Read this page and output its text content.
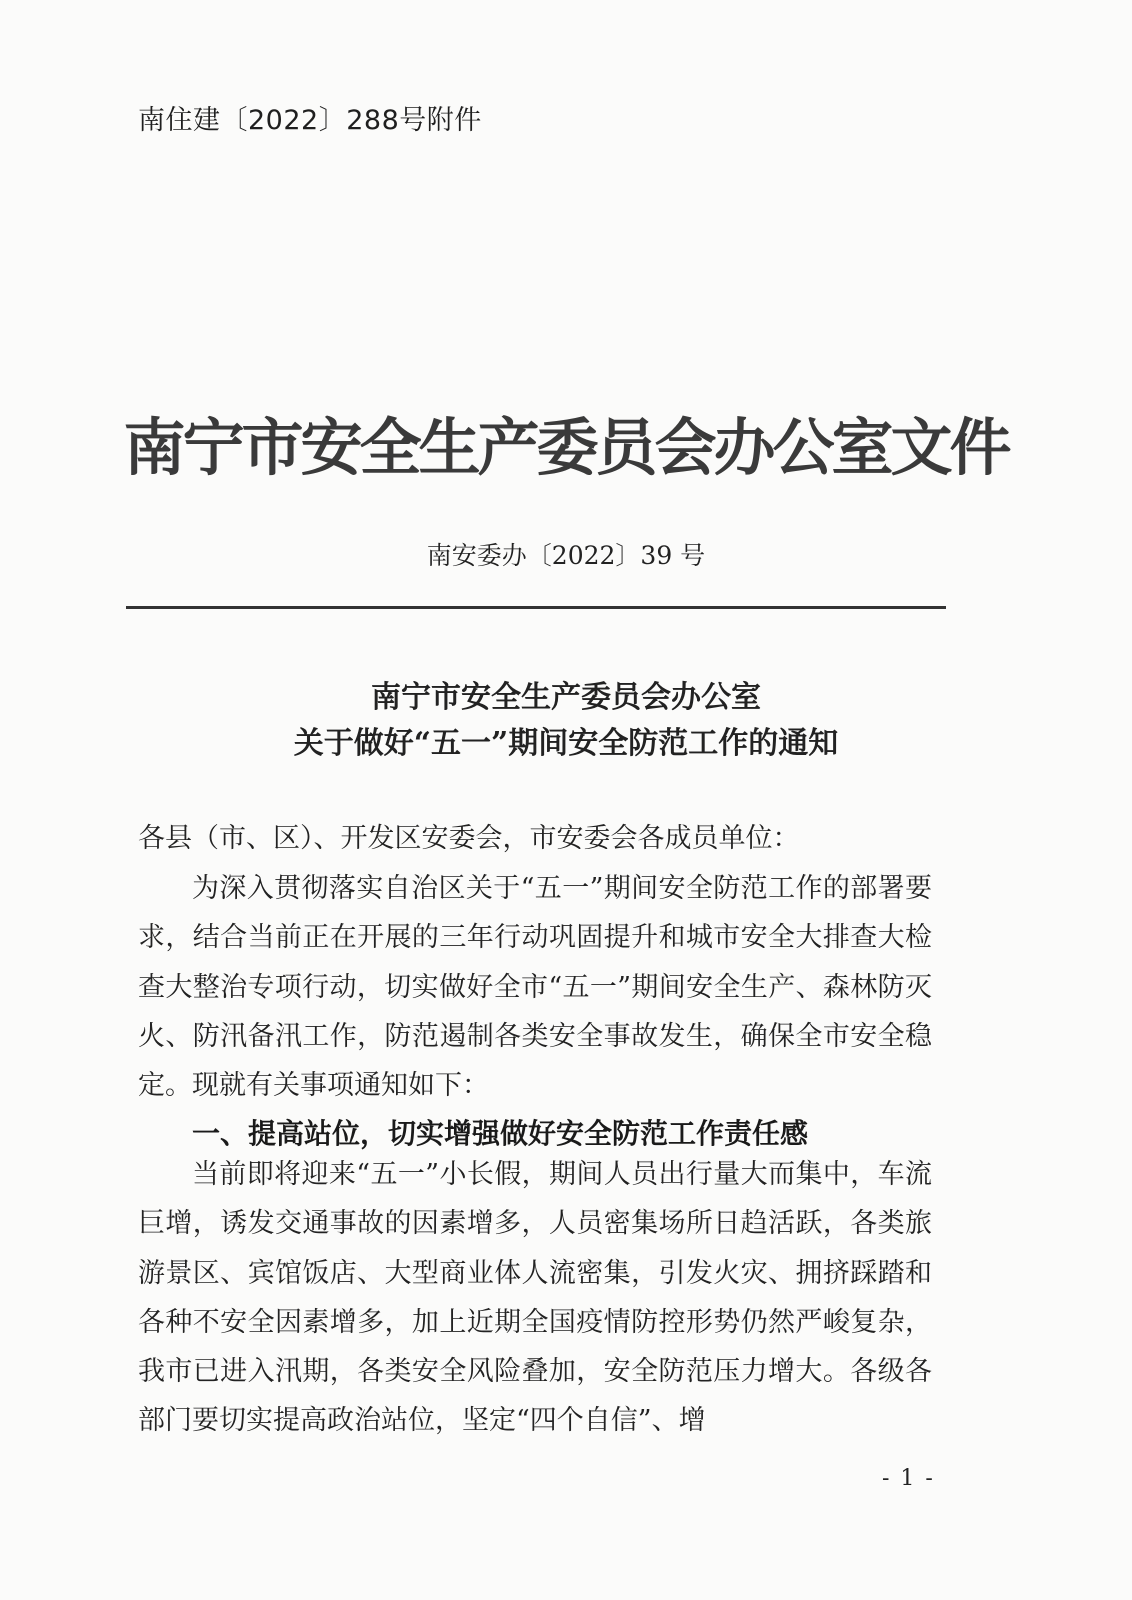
南住建〔2022〕288号附件
南宁市安全生产委员会办公室文件
南安委办〔2022〕39 号
南宁市安全生产委员会办公室
关于做好“五一”期间安全防范工作的通知
各县（市、区）、开发区安委会，市安委会各成员单位：
为深入贯彻落实自治区关于“五一”期间安全防范工作的部署要求，结合当前正在开展的三年行动巩固提升和城市安全大排查大检查大整治专项行动，切实做好全市“五一”期间安全生产、森林防灭火、防汛备汛工作，防范遏制各类安全事故发生，确保全市安全稳定。现就有关事项通知如下：
一、提高站位，切实增强做好安全防范工作责任感
当前即将迎来“五一”小长假，期间人员出行量大而集中，车流巨增，诱发交通事故的因素增多，人员密集场所日趋活跃，各类旅游景区、宾馆饭店、大型商业体人流密集，引发火灾、拥挤踩踏和各种不安全因素增多，加上近期全国疫情防控形势仍然严峻复杂，我市已进入汛期，各类安全风险叠加，安全防范压力增大。各级各部门要切实提高政治站位，坚定“四个自信”、增
- 1 -
